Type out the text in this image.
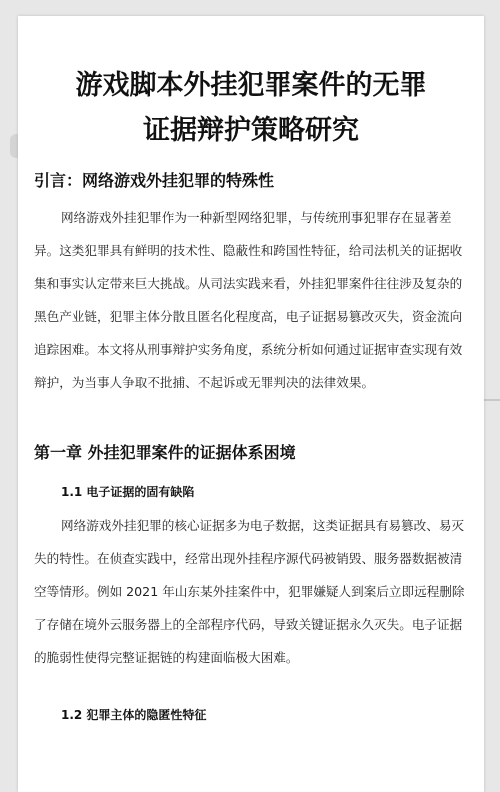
游戏脚本外挂犯罪案件的无罪
证据辩护策略研究
引言：网络游戏外挂犯罪的特殊性
网络游戏外挂犯罪作为一种新型网络犯罪，与传统刑事犯罪存在显著差
异。这类犯罪具有鲜明的技术性、隐蔽性和跨国性特征，给司法机关的证据收
集和事实认定带来巨大挑战。从司法实践来看，外挂犯罪案件往往涉及复杂的
黑色产业链，犯罪主体分散且匿名化程度高，电子证据易篡改灭失，资金流向
追踪困难。本文将从刑事辩护实务角度，系统分析如何通过证据审查实现有效
辩护，为当事人争取不批捕、不起诉或无罪判决的法律效果。
第一章 外挂犯罪案件的证据体系困境
1.1 电子证据的固有缺陷
网络游戏外挂犯罪的核心证据多为电子数据，这类证据具有易篡改、易灭
失的特性。在侦查实践中，经常出现外挂程序源代码被销毁、服务器数据被清
空等情形。例如 2021 年山东某外挂案件中，犯罪嫌疑人到案后立即远程删除
了存储在境外云服务器上的全部程序代码，导致关键证据永久灭失。电子证据
的脆弱性使得完整证据链的构建面临极大困难。
1.2 犯罪主体的隐匿性特征
